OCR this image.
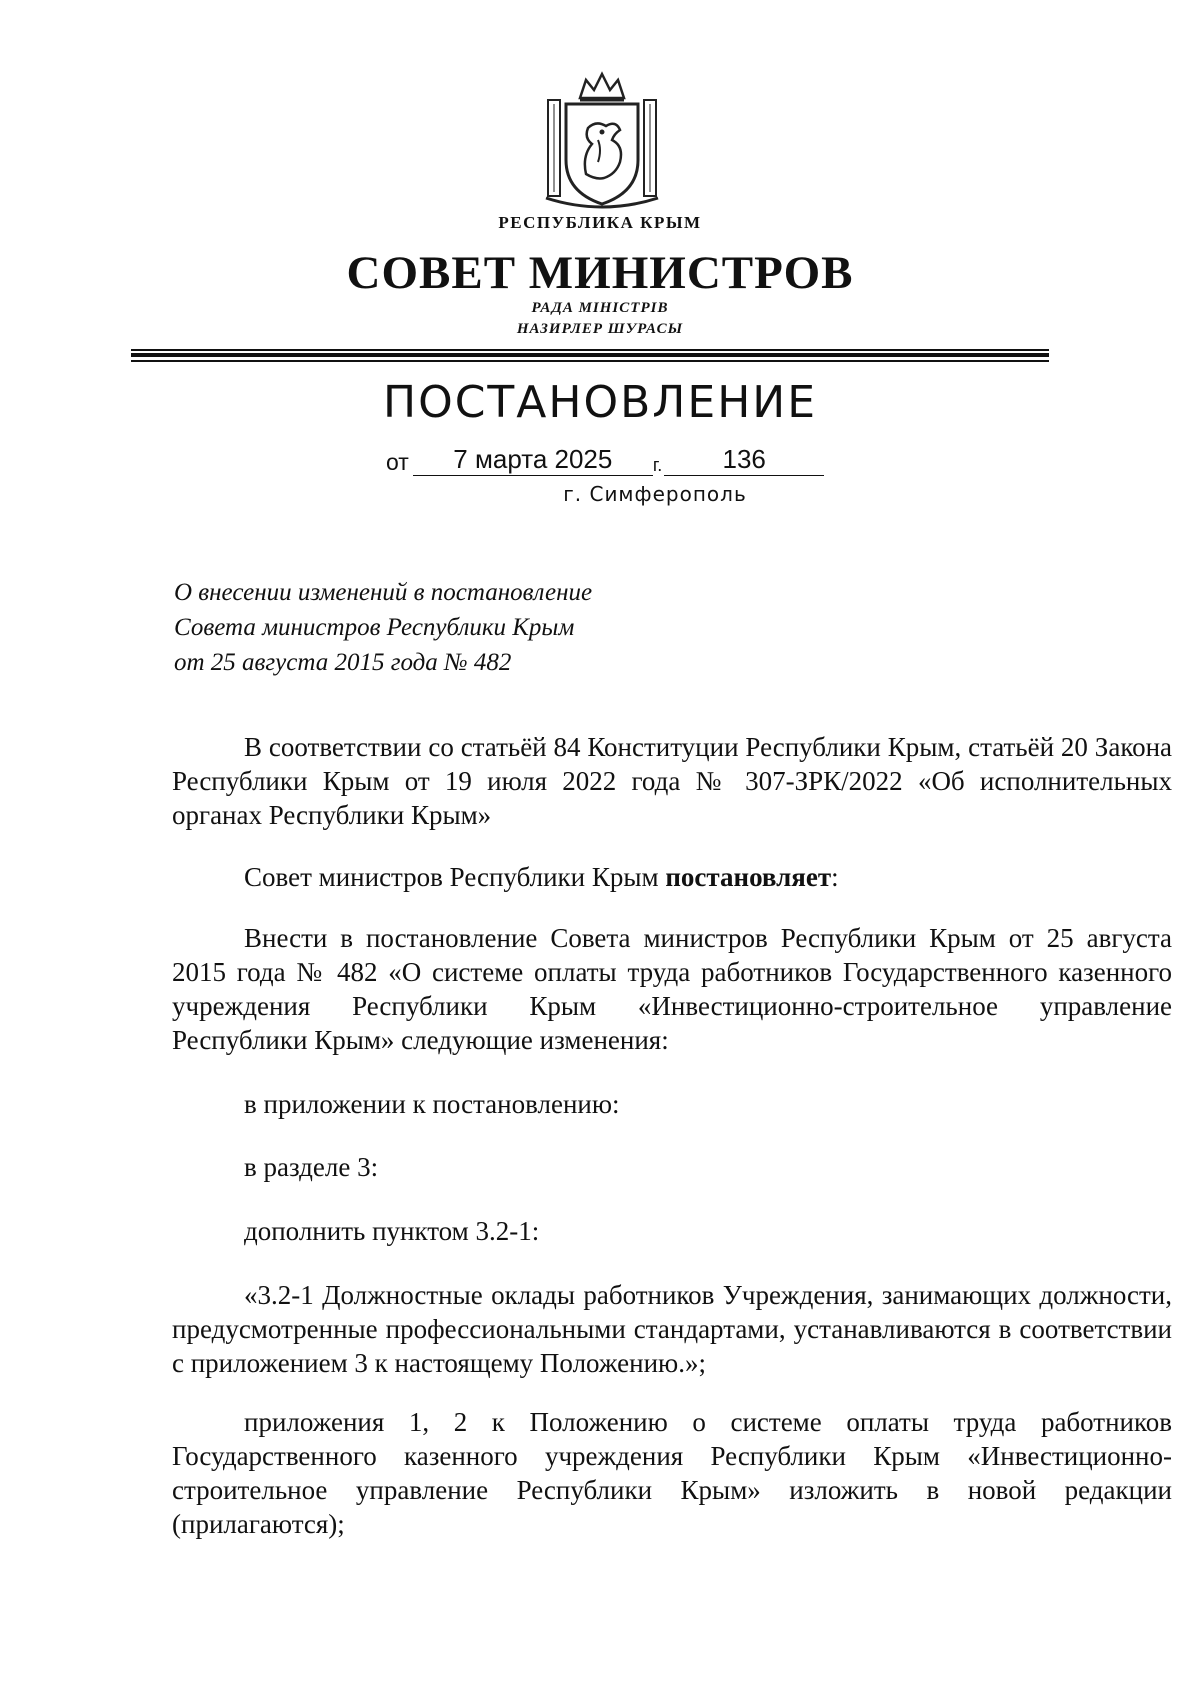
РЕСПУБЛИКА КРЫМ
СОВЕТ МИНИСТРОВ
РАДА МІНІСТРІВ
НАЗИРЛЕР ШУРАСЫ
ПОСТАНОВЛЕНИЕ
от	7 марта 2025	г.	136
г. Симферополь
О внесении изменений в постановление
Совета министров Республики Крым
от 25 августа 2015 года № 482
В соответствии со статьёй 84 Конституции Республики Крым, статьёй 20 Закона Республики Крым от 19 июля 2022 года № 307-ЗРК/2022 «Об исполнительных органах Республики Крым»
Совет министров Республики Крым постановляет:
Внести в постановление Совета министров Республики Крым от 25 августа 2015 года № 482 «О системе оплаты труда работников Государственного казенного учреждения Республики Крым «Инвестиционно-строительное управление Республики Крым» следующие изменения:
в приложении к постановлению:
в разделе 3:
дополнить пунктом 3.2-1:
«3.2-1 Должностные оклады работников Учреждения, занимающих должности, предусмотренные профессиональными стандартами, устанавливаются в соответствии с приложением 3 к настоящему Положению.»;
приложения 1, 2 к Положению о системе оплаты труда работников Государственного казенного учреждения Республики Крым «Инвестиционно-строительное управление Республики Крым» изложить в новой редакции (прилагаются);
